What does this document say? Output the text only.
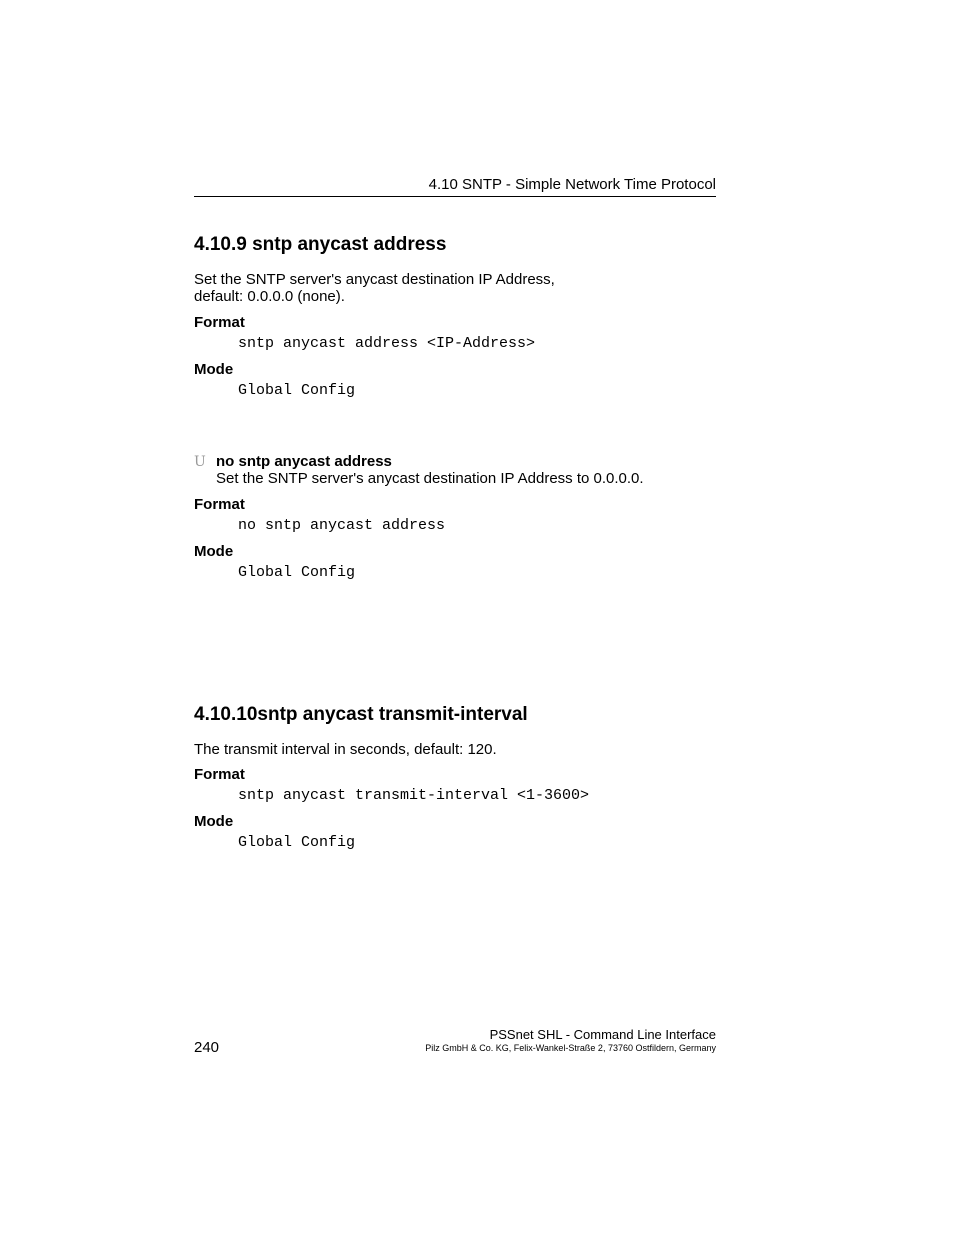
4.10 SNTP - Simple Network Time Protocol
4.10.9 sntp anycast address
Set the SNTP server's anycast destination IP Address,
default: 0.0.0.0 (none).
Format
sntp anycast address <IP-Address>
Mode
Global Config
U no sntp anycast address
Set the SNTP server's anycast destination IP Address to 0.0.0.0.
Format
no sntp anycast address
Mode
Global Config
4.10.10sntp anycast transmit-interval
The transmit interval in seconds, default: 120.
Format
sntp anycast transmit-interval <1-3600>
Mode
Global Config
240
PSSnet SHL - Command Line Interface
Pilz GmbH & Co. KG, Felix-Wankel-Straße 2, 73760 Ostfildern, Germany
